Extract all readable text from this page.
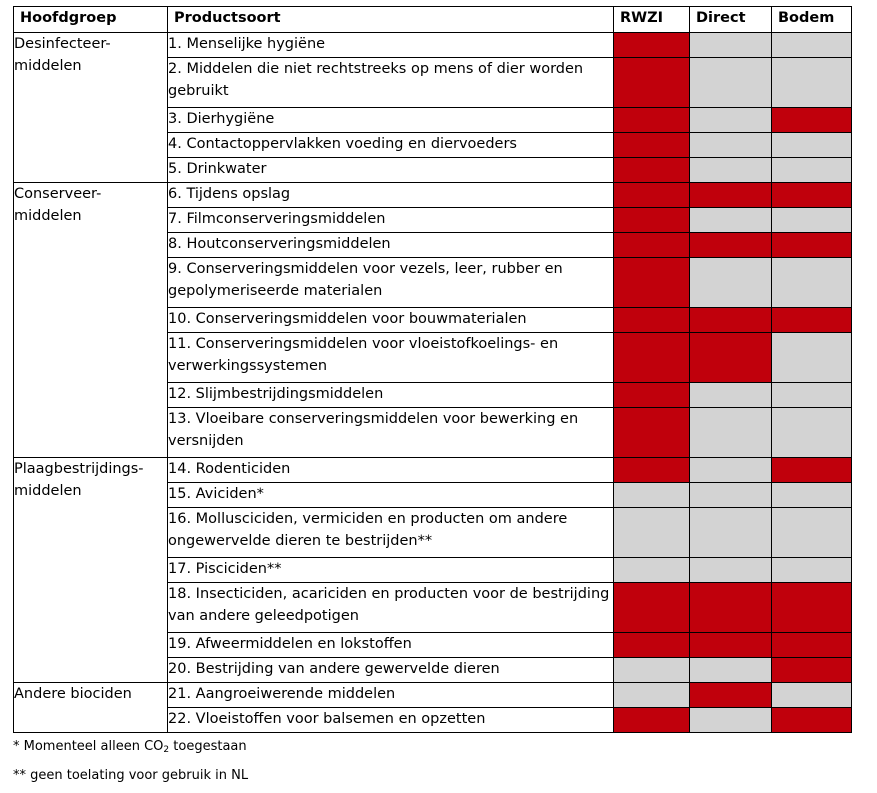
Hoofdgroep	Productsoort	RWZI	Direct	Bodem
Desinfecteer-
middelen	1. Menselijke hygiëne			
	2. Middelen die niet rechtstreeks op mens of dier worden gebruikt			
	3. Dierhygiëne			
	4. Contactoppervlakken voeding en diervoeders			
	5. Drinkwater			
Conserveer-
middelen	6. Tijdens opslag			
	7. Filmconserveringsmiddelen			
	8. Houtconserveringsmiddelen			
	9. Conserveringsmiddelen voor vezels, leer, rubber en gepolymeriseerde materialen			
	10. Conserveringsmiddelen voor bouwmaterialen			
	11. Conserveringsmiddelen voor vloeistofkoelings- en verwerkingssystemen			
	12. Slijmbestrijdingsmiddelen			
	13. Vloeibare conserveringsmiddelen voor bewerking en versnijden			
Plaagbestrijdings-
middelen	14. Rodenticiden			
	15. Aviciden*			
	16. Mollusciciden, vermiciden en producten om andere ongewervelde dieren te bestrijden**			
	17. Pisciciden**			
	18. Insecticiden, acariciden en producten voor de bestrijding van andere geleedpotigen			
	19. Afweermiddelen en lokstoffen			
	20. Bestrijding van andere gewervelde dieren			
Andere biociden	21. Aangroeiwerende middelen			
	22. Vloeistoffen voor balsemen en opzetten			
* Momenteel alleen $CO_2$ toegestaan
** geen toelating voor gebruik in NL
